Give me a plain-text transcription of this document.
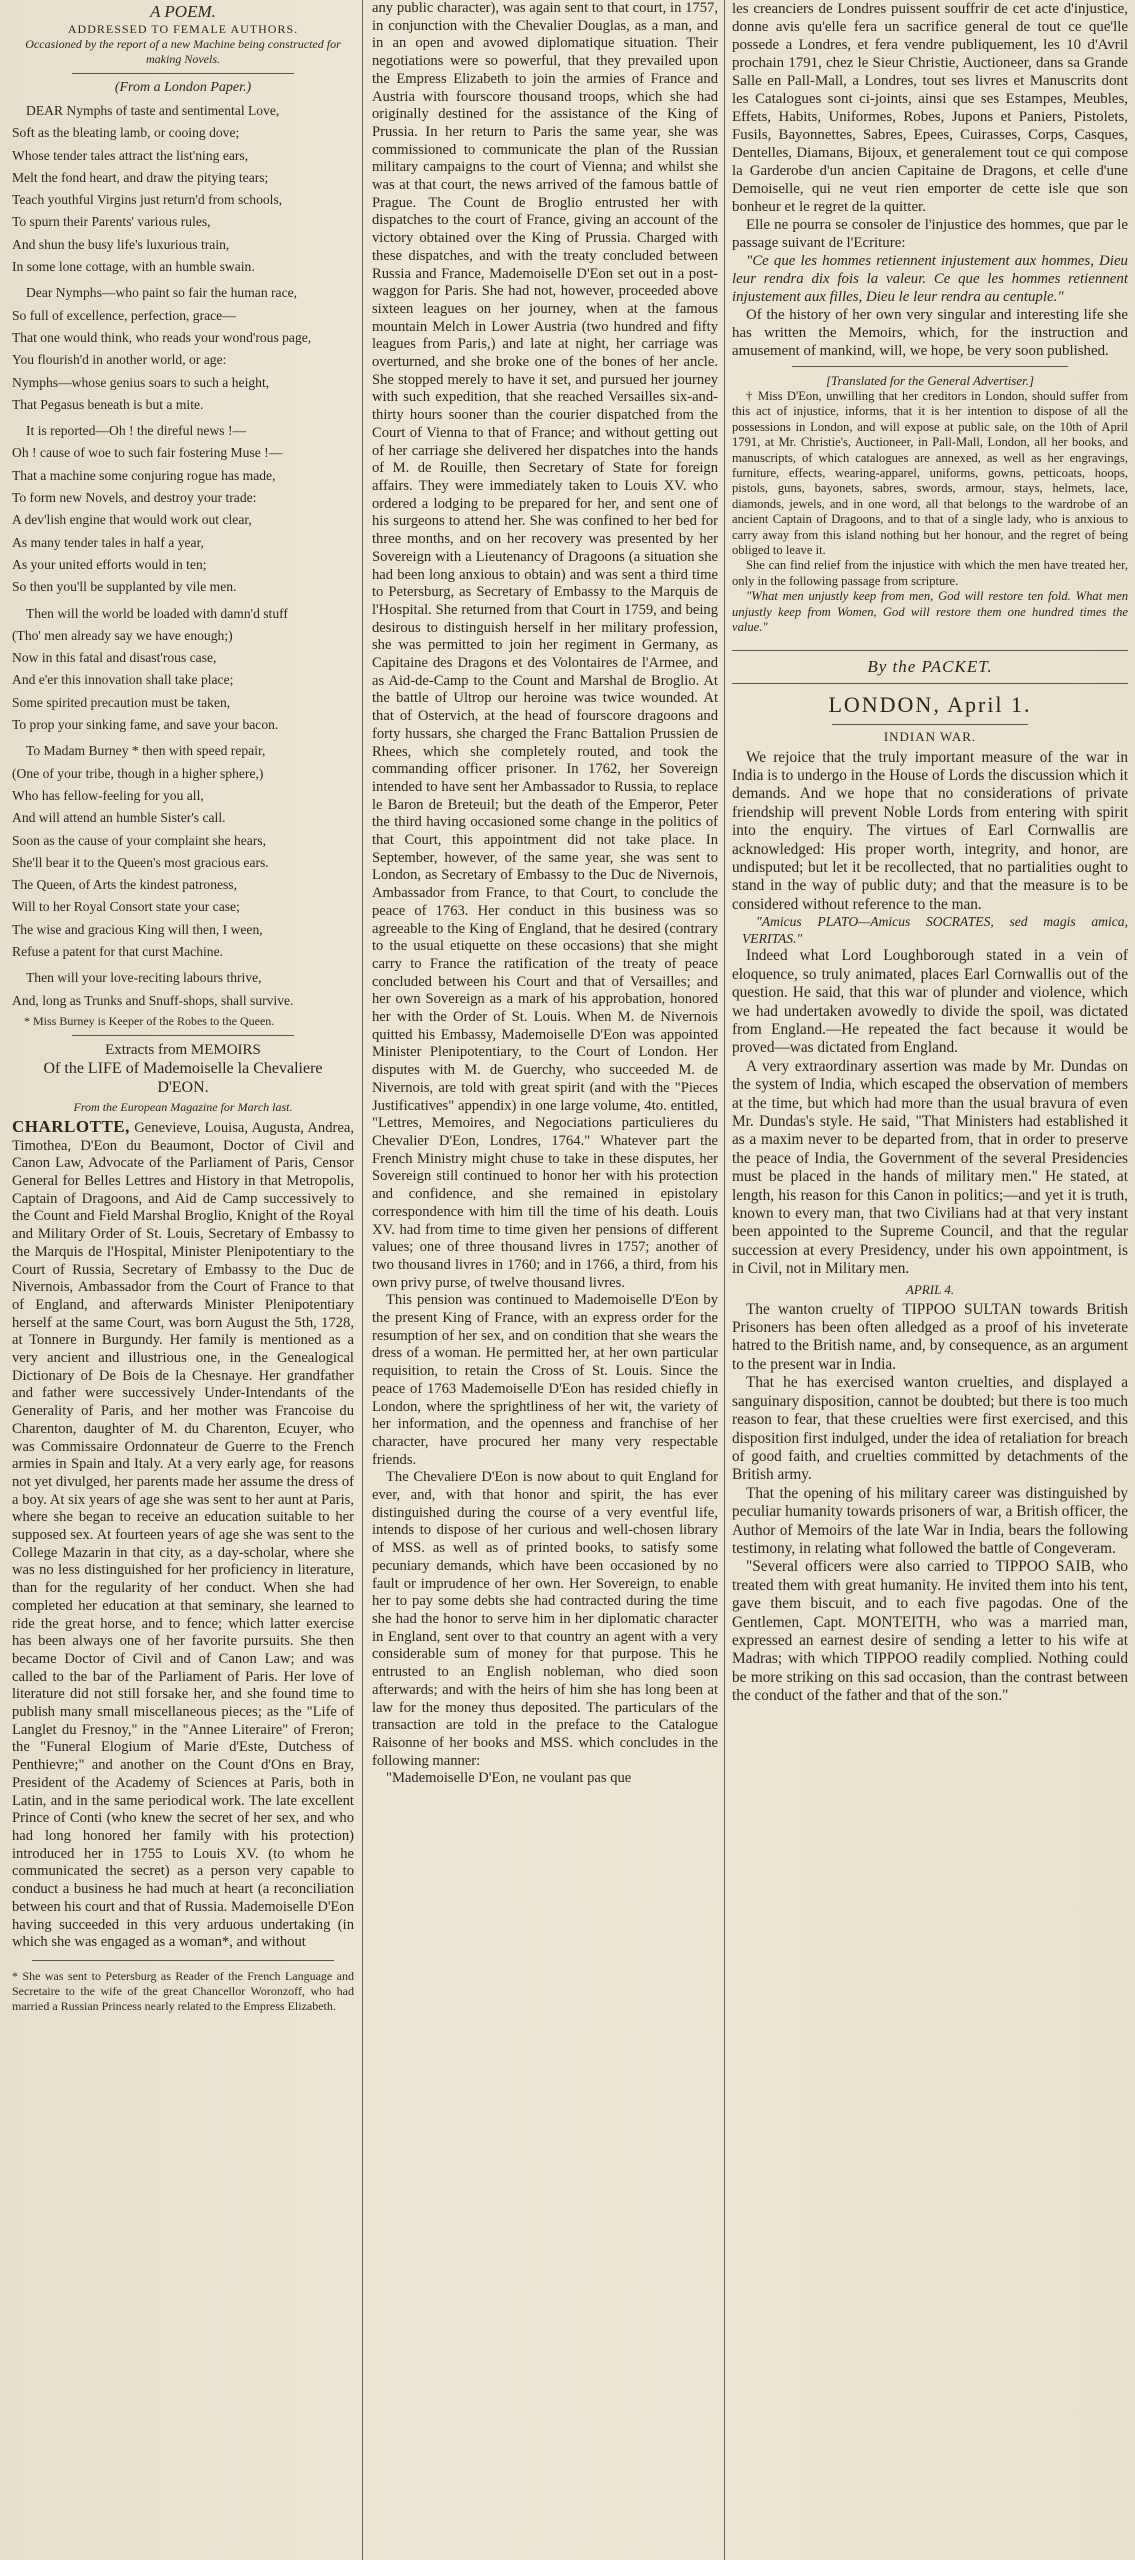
A POEM.

ADDRESSED TO FEMALE AUTHORS.

Occasioned by the report of a new Machine being constructed for making Novels.

(From a London Paper.)

DEAR Nymphs of taste and sentimental Love,

Soft as the bleating lamb, or cooing dove;

Whose tender tales attract the list'ning ears,

Melt the fond heart, and draw the pitying tears;

Teach youthful Virgins just return'd from schools,

To spurn their Parents' various rules,

And shun the busy life's luxurious train,

In some lone cottage, with an humble swain.

Dear Nymphs—who paint so fair the human race,

So full of excellence, perfection, grace—

That one would think, who reads your wond'rous page,

You flourish'd in another world, or age:

Nymphs—whose genius soars to such a height,

That Pegasus beneath is but a mite.

It is reported—Oh ! the direful news !—

Oh ! cause of woe to such fair fostering Muse !—

That a machine some conjuring rogue has made,

To form new Novels, and destroy your trade:

A dev'lish engine that would work out clear,

As many tender tales in half a year,

As your united efforts would in ten;

So then you'll be supplanted by vile men.

Then will the world be loaded with damn'd stuff

(Tho' men already say we have enough;)

Now in this fatal and disast'rous case,

And e'er this innovation shall take place;

Some spirited precaution must be taken,

To prop your sinking fame, and save your bacon.

To Madam Burney * then with speed repair,

(One of your tribe, though in a higher sphere,)

Who has fellow-feeling for you all,

And will attend an humble Sister's call.

Soon as the cause of your complaint she hears,

She'll bear it to the Queen's most gracious ears.

The Queen, of Arts the kindest patroness,

Will to her Royal Consort state your case;

The wise and gracious King will then, I ween,

Refuse a patent for that curst Machine.

Then will your love-reciting labours thrive,

And, long as Trunks and Snuff-shops, shall survive.

* Miss Burney is Keeper of the Robes to the Queen.

Extracts from MEMOIRS

Of the LIFE of Mademoiselle la Chevaliere D'EON.

From the European Magazine for March last.

CHARLOTTE, Genevieve, Louisa, Augusta, Andrea, Timothea, D'Eon du Beaumont, Doctor of Civil and Canon Law, Advocate of the Parliament of Paris, Censor General for Belles Lettres and History in that Metropolis, Captain of Dragoons, and Aid de Camp successively to the Count and Field Marshal Broglio, Knight of the Royal and Military Order of St. Louis, Secretary of Embassy to the Marquis de l'Hospital, Minister Plenipotentiary to the Court of Russia, Secretary of Embassy to the Duc de Nivernois, Ambassador from the Court of France to that of England, and afterwards Minister Plenipotentiary herself at the same Court, was born August the 5th, 1728, at Tonnere in Burgundy. Her family is mentioned as a very ancient and illustrious one, in the Genealogical Dictionary of De Bois de la Chesnaye. Her grandfather and father were successively Under-Intendants of the Generality of Paris, and her mother was Francoise du Charenton, daughter of M. du Charenton, Ecuyer, who was Commissaire Ordonnateur de Guerre to the French armies in Spain and Italy. At a very early age, for reasons not yet divulged, her parents made her assume the dress of a boy. At six years of age she was sent to her aunt at Paris, where she began to receive an education suitable to her supposed sex. At fourteen years of age she was sent to the College Mazarin in that city, as a day-scholar, where she was no less distinguished for her proficiency in literature, than for the regularity of her conduct. When she had completed her education at that seminary, she learned to ride the great horse, and to fence; which latter exercise has been always one of her favorite pursuits. She then became Doctor of Civil and of Canon Law; and was called to the bar of the Parliament of Paris. Her love of literature did not still forsake her, and she found time to publish many small miscellaneous pieces; as the "Life of Langlet du Fresnoy," in the "Annee Literaire" of Freron; the "Funeral Elogium of Marie d'Este, Dutchess of Penthievre;" and another on the Count d'Ons en Bray, President of the Academy of Sciences at Paris, both in Latin, and in the same periodical work. The late excellent Prince of Conti (who knew the secret of her sex, and who had long honored her family with his protection) introduced her in 1755 to Louis XV. (to whom he communicated the secret) as a person very capable to conduct a business he had much at heart (a reconciliation between his court and that of Russia. Mademoiselle D'Eon having succeeded in this very arduous undertaking (in which she was engaged as a woman*, and without

* She was sent to Petersburg as Reader of the French Language and Secretaire to the wife of the great Chancellor Woronzoff, who had married a Russian Princess nearly related to the Empress Elizabeth.

any public character), was again sent to that court, in 1757, in conjunction with the Chevalier Douglas, as a man, and in an open and avowed diplomatique situation. Their negotiations were so powerful, that they prevailed upon the Empress Elizabeth to join the armies of France and Austria with fourscore thousand troops, which she had originally destined for the assistance of the King of Prussia. In her return to Paris the same year, she was commissioned to communicate the plan of the Russian military campaigns to the court of Vienna; and whilst she was at that court, the news arrived of the famous battle of Prague. The Count de Broglio entrusted her with dispatches to the court of France, giving an account of the victory obtained over the King of Prussia. Charged with these dispatches, and with the treaty concluded between Russia and France, Mademoiselle D'Eon set out in a post-waggon for Paris. She had not, however, proceeded above sixteen leagues on her journey, when at the famous mountain Melch in Lower Austria (two hundred and fifty leagues from Paris,) and late at night, her carriage was overturned, and she broke one of the bones of her ancle. She stopped merely to have it set, and pursued her journey with such expedition, that she reached Versailles six-and-thirty hours sooner than the courier dispatched from the Court of Vienna to that of France; and without getting out of her carriage she delivered her dispatches into the hands of M. de Rouille, then Secretary of State for foreign affairs. They were immediately taken to Louis XV. who ordered a lodging to be prepared for her, and sent one of his surgeons to attend her. She was confined to her bed for three months, and on her recovery was presented by her Sovereign with a Lieutenancy of Dragoons (a situation she had been long anxious to obtain) and was sent a third time to Petersburg, as Secretary of Embassy to the Marquis de l'Hospital. She returned from that Court in 1759, and being desirous to distinguish herself in her military profession, she was permitted to join her regiment in Germany, as Capitaine des Dragons et des Volontaires de l'Armee, and as Aid-de-Camp to the Count and Marshal de Broglio. At the battle of Ultrop our heroine was twice wounded. At that of Ostervich, at the head of fourscore dragoons and forty hussars, she charged the Franc Battalion Prussien de Rhees, which she completely routed, and took the commanding officer prisoner. In 1762, her Sovereign intended to have sent her Ambassador to Russia, to replace le Baron de Breteuil; but the death of the Emperor, Peter the third having occasioned some change in the politics of that Court, this appointment did not take place. In September, however, of the same year, she was sent to London, as Secretary of Embassy to the Duc de Nivernois, Ambassador from France, to that Court, to conclude the peace of 1763. Her conduct in this business was so agreeable to the King of England, that he desired (contrary to the usual etiquette on these occasions) that she might carry to France the ratification of the treaty of peace concluded between his Court and that of Versailles; and her own Sovereign as a mark of his approbation, honored her with the Order of St. Louis. When M. de Nivernois quitted his Embassy, Mademoiselle D'Eon was appointed Minister Plenipotentiary, to the Court of London. Her disputes with M. de Guerchy, who succeeded M. de Nivernois, are told with great spirit (and with the "Pieces Justificatives" appendix) in one large volume, 4to. entitled, "Lettres, Memoires, and Negociations particulieres du Chevalier D'Eon, Londres, 1764." Whatever part the French Ministry might chuse to take in these disputes, her Sovereign still continued to honor her with his protection and confidence, and she remained in epistolary correspondence with him till the time of his death. Louis XV. had from time to time given her pensions of different values; one of three thousand livres in 1757; another of two thousand livres in 1760; and in 1766, a third, from his own privy purse, of twelve thousand livres.

This pension was continued to Mademoiselle D'Eon by the present King of France, with an express order for the resumption of her sex, and on condition that she wears the dress of a woman. He permitted her, at her own particular requisition, to retain the Cross of St. Louis. Since the peace of 1763 Mademoiselle D'Eon has resided chiefly in London, where the sprightliness of her wit, the variety of her information, and the openness and franchise of her character, have procured her many very respectable friends.

The Chevaliere D'Eon is now about to quit England for ever, and, with that honor and spirit, the has ever distinguished during the course of a very eventful life, intends to dispose of her curious and well-chosen library of MSS. as well as of printed books, to satisfy some pecuniary demands, which have been occasioned by no fault or imprudence of her own. Her Sovereign, to enable her to pay some debts she had contracted during the time she had the honor to serve him in her diplomatic character in England, sent over to that country an agent with a very considerable sum of money for that purpose. This he entrusted to an English nobleman, who died soon afterwards; and with the heirs of him she has long been at law for the money thus deposited. The particulars of the transaction are told in the preface to the Catalogue Raisonne of her books and MSS. which concludes in the following manner:

"Mademoiselle D'Eon, ne voulant pas que

les creanciers de Londres puissent souffrir de cet acte d'injustice, donne avis qu'elle fera un sacrifice general de tout ce que'lle possede a Londres, et fera vendre publiquement, les 10 d'Avril prochain 1791, chez le Sieur Christie, Auctioneer, dans sa Grande Salle en Pall-Mall, a Londres, tout ses livres et Manuscrits dont les Catalogues sont ci-joints, ainsi que ses Estampes, Meubles, Effets, Habits, Uniformes, Robes, Jupons et Paniers, Pistolets, Fusils, Bayonnettes, Sabres, Epees, Cuirasses, Corps, Casques, Dentelles, Diamans, Bijoux, et generalement tout ce qui compose la Garderobe d'un ancien Capitaine de Dragons, et celle d'une Demoiselle, qui ne veut rien emporter de cette isle que son bonheur et le regret de la quitter.

Elle ne pourra se consoler de l'injustice des hommes, que par le passage suivant de l'Ecriture:

"Ce que les hommes retiennent injustement aux hommes, Dieu leur rendra dix fois la valeur. Ce que les hommes retiennent injustement aux filles, Dieu le leur rendra au centuple."

Of the history of her own very singular and interesting life she has written the Memoirs, which, for the instruction and amusement of mankind, will, we hope, be very soon published.

[Translated for the General Advertiser.]

† Miss D'Eon, unwilling that her creditors in London, should suffer from this act of injustice, informs, that it is her intention to dispose of all the possessions in London, and will expose at public sale, on the 10th of April 1791, at Mr. Christie's, Auctioneer, in Pall-Mall, London, all her books, and manuscripts, of which catalogues are annexed, as well as her engravings, furniture, effects, wearing-apparel, uniforms, gowns, petticoats, hoops, pistols, guns, bayonets, sabres, swords, armour, stays, helmets, lace, diamonds, jewels, and in one word, all that belongs to the wardrobe of an ancient Captain of Dragoons, and to that of a single lady, who is anxious to carry away from this island nothing but her honour, and the regret of being obliged to leave it.

She can find relief from the injustice with which the men have treated her, only in the following passage from scripture.

"What men unjustly keep from men, God will restore ten fold. What men unjustly keep from Women, God will restore them one hundred times the value."

By the PACKET.

LONDON, April 1.

INDIAN WAR.

We rejoice that the truly important measure of the war in India is to undergo in the House of Lords the discussion which it demands. And we hope that no considerations of private friendship will prevent Noble Lords from entering with spirit into the enquiry. The virtues of Earl Cornwallis are acknowledged: His proper worth, integrity, and honor, are undisputed; but let it be recollected, that no partialities ought to stand in the way of public duty; and that the measure is to be considered without reference to the man.

"Amicus PLATO—Amicus SOCRATES, sed magis amica, VERITAS."

Indeed what Lord Loughborough stated in a vein of eloquence, so truly animated, places Earl Cornwallis out of the question. He said, that this war of plunder and violence, which we had undertaken avowedly to divide the spoil, was dictated from England.—He repeated the fact because it would be proved—was dictated from England.

A very extraordinary assertion was made by Mr. Dundas on the system of India, which escaped the observation of members at the time, but which had more than the usual bravura of even Mr. Dundas's style. He said, "That Ministers had established it as a maxim never to be departed from, that in order to preserve the peace of India, the Government of the several Presidencies must be placed in the hands of military men." He stated, at length, his reason for this Canon in politics;—and yet it is truth, known to every man, that two Civilians had at that very instant been appointed to the Supreme Council, and that the regular succession at every Presidency, under his own appointment, is in Civil, not in Military men.

APRIL 4.

The wanton cruelty of TIPPOO SULTAN towards British Prisoners has been often alledged as a proof of his inveterate hatred to the British name, and, by consequence, as an argument to the present war in India.

That he has exercised wanton cruelties, and displayed a sanguinary disposition, cannot be doubted; but there is too much reason to fear, that these cruelties were first exercised, and this disposition first indulged, under the idea of retaliation for breach of good faith, and cruelties committed by detachments of the British army.

That the opening of his military career was distinguished by peculiar humanity towards prisoners of war, a British officer, the Author of Memoirs of the late War in India, bears the following testimony, in relating what followed the battle of Congeveram.

"Several officers were also carried to TIPPOO SAIB, who treated them with great humanity. He invited them into his tent, gave them biscuit, and to each five pagodas. One of the Gentlemen, Capt. MONTEITH, who was a married man, expressed an earnest desire of sending a letter to his wife at Madras; with which TIPPOO readily complied. Nothing could be more striking on this sad occasion, than the contrast between the conduct of the father and that of the son."
